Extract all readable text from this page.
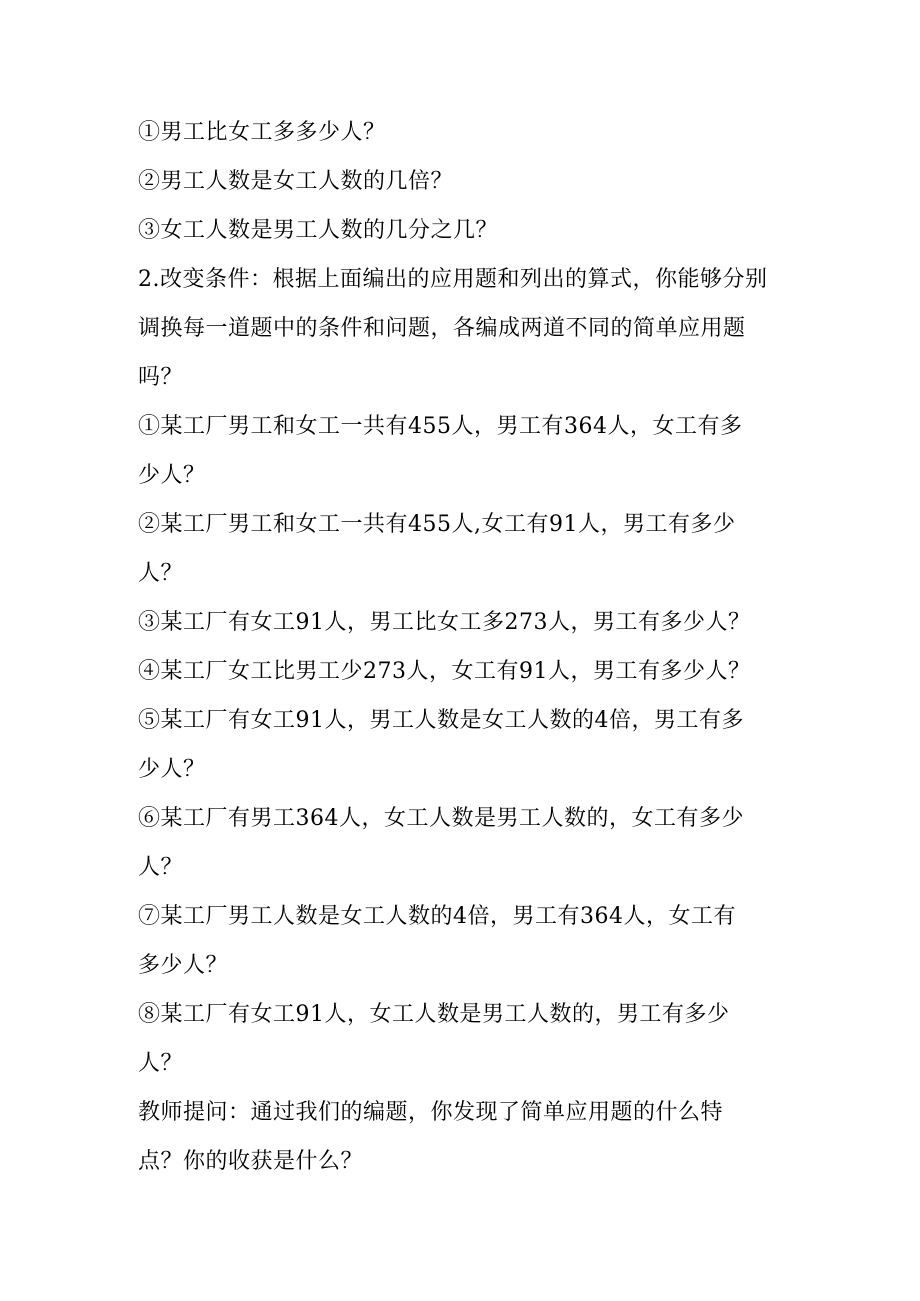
①男工比女工多多少人？

②男工人数是女工人数的几倍？

③女工人数是男工人数的几分之几？

2.改变条件：根据上面编出的应用题和列出的算式，你能够分别

调换每一道题中的条件和问题，各编成两道不同的简单应用题

吗？

①某工厂男工和女工一共有455人，男工有364人，女工有多

少人？

②某工厂男工和女工一共有455人,女工有91人，男工有多少

人？

③某工厂有女工91人，男工比女工多273人，男工有多少人？

④某工厂女工比男工少273人，女工有91人，男工有多少人？

⑤某工厂有女工91人，男工人数是女工人数的4倍，男工有多

少人？

⑥某工厂有男工364人，女工人数是男工人数的，女工有多少

人？

⑦某工厂男工人数是女工人数的4倍，男工有364人，女工有

多少人？

⑧某工厂有女工91人，女工人数是男工人数的，男工有多少

人？

教师提问：通过我们的编题，你发现了简单应用题的什么特

点？你的收获是什么？
